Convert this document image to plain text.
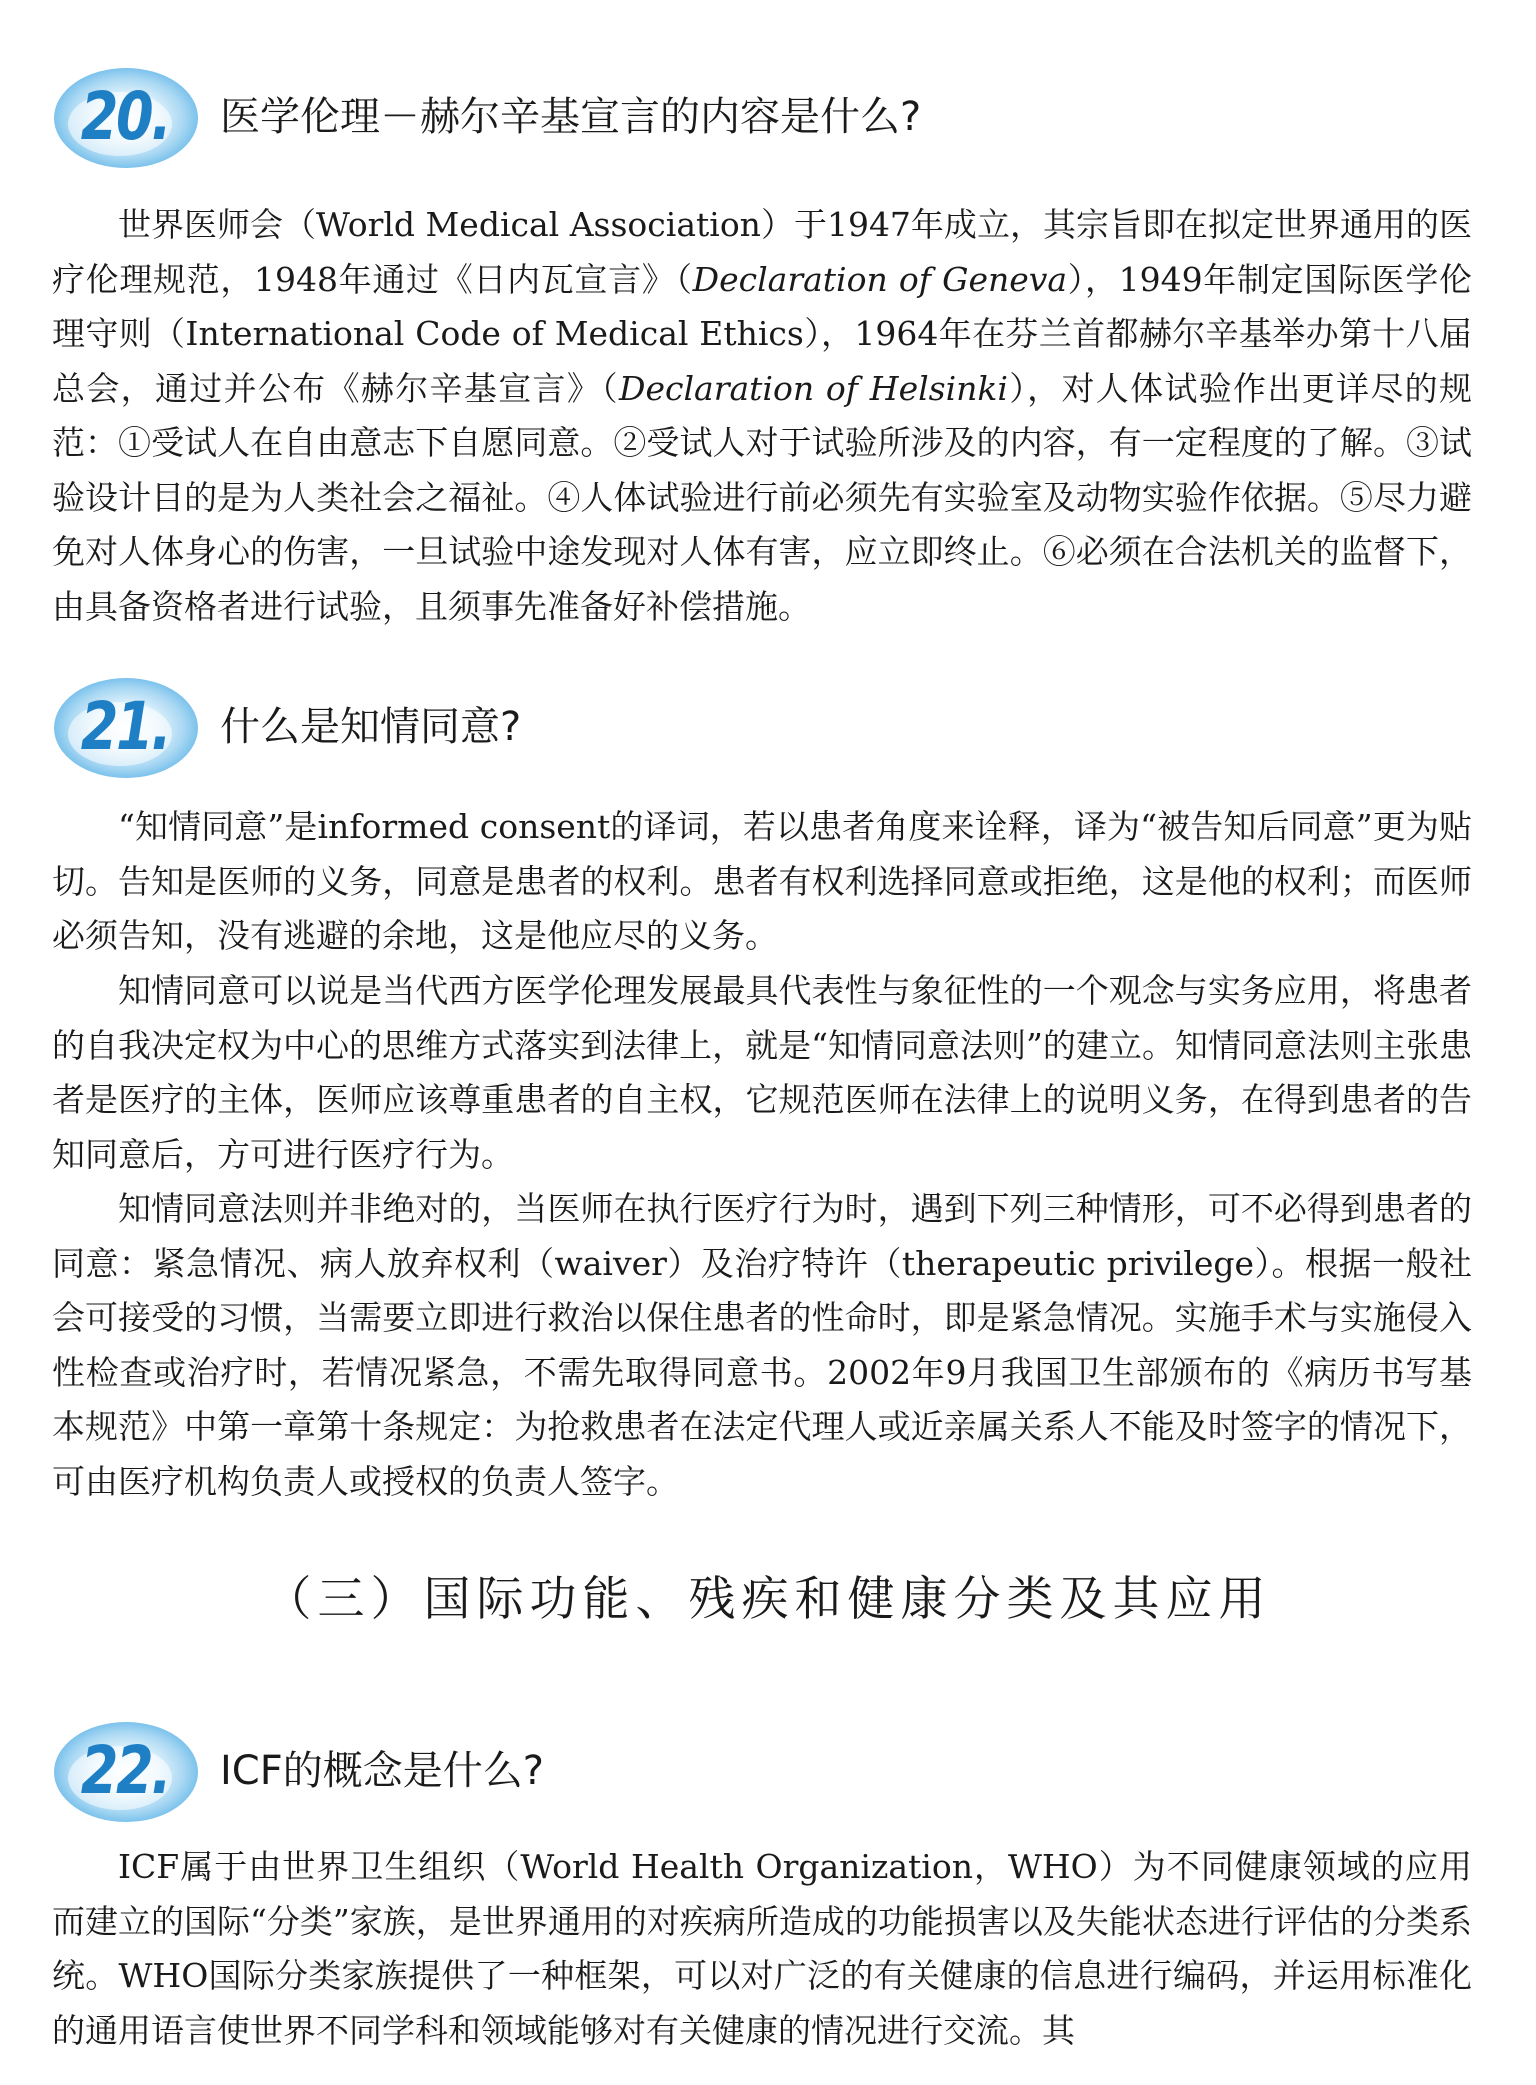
20.	医学伦理－赫尔辛基宣言的内容是什么?

世界医师会（World Medical Association）于1947年成立，其宗旨即在拟定世界通用的医疗伦理规范，1948年通过《日内瓦宣言》（Declaration of Geneva），1949年制定国际医学伦理守则（International Code of Medical Ethics），1964年在芬兰首都赫尔辛基举办第十八届总会，通过并公布《赫尔辛基宣言》（Declaration of Helsinki），对人体试验作出更详尽的规范：①受试人在自由意志下自愿同意。②受试人对于试验所涉及的内容，有一定程度的了解。③试验设计目的是为人类社会之福祉。④人体试验进行前必须先有实验室及动物实验作依据。⑤尽力避免对人体身心的伤害，一旦试验中途发现对人体有害，应立即终止。⑥必须在合法机关的监督下，由具备资格者进行试验，且须事先准备好补偿措施。

21.	什么是知情同意?

“知情同意”是informed consent的译词，若以患者角度来诠释，译为“被告知后同意”更为贴切。告知是医师的义务，同意是患者的权利。患者有权利选择同意或拒绝，这是他的权利；而医师必须告知，没有逃避的余地，这是他应尽的义务。

知情同意可以说是当代西方医学伦理发展最具代表性与象征性的一个观念与实务应用，将患者的自我决定权为中心的思维方式落实到法律上，就是“知情同意法则”的建立。知情同意法则主张患者是医疗的主体，医师应该尊重患者的自主权，它规范医师在法律上的说明义务，在得到患者的告知同意后，方可进行医疗行为。

知情同意法则并非绝对的，当医师在执行医疗行为时，遇到下列三种情形，可不必得到患者的同意：紧急情况、病人放弃权利（waiver）及治疗特许（therapeutic privilege）。根据一般社会可接受的习惯，当需要立即进行救治以保住患者的性命时，即是紧急情况。实施手术与实施侵入性检查或治疗时，若情况紧急，不需先取得同意书。2002年9月我国卫生部颁布的《病历书写基本规范》中第一章第十条规定：为抢救患者在法定代理人或近亲属关系人不能及时签字的情况下，可由医疗机构负责人或授权的负责人签字。

（三）国际功能、残疾和健康分类及其应用
22.	ICF的概念是什么?

ICF属于由世界卫生组织（World Health Organization，WHO）为不同健康领域的应用而建立的国际“分类”家族，是世界通用的对疾病所造成的功能损害以及失能状态进行评估的分类系统。WHO国际分类家族提供了一种框架，可以对广泛的有关健康的信息进行编码，并运用标准化的通用语言使世界不同学科和领域能够对有关健康的情况进行交流。其
